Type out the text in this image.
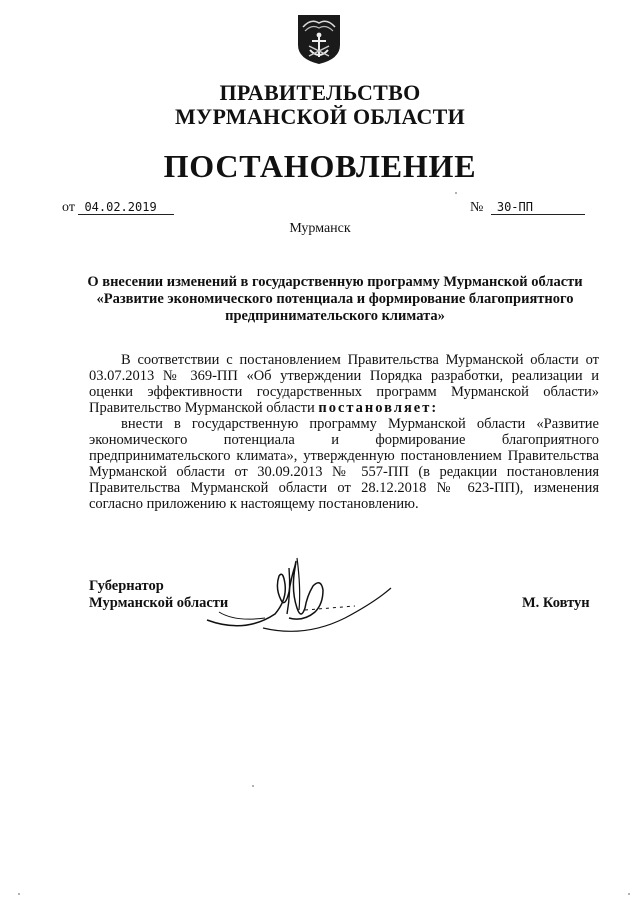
ПРАВИТЕЛЬСТВО
МУРМАНСКОЙ ОБЛАСТИ
ПОСТАНОВЛЕНИЕ
от 04.02.2019	№ 30-ПП
Мурманск
О внесении изменений в государственную программу Мурманской области
«Развитие экономического потенциала и формирование благоприятного
предпринимательского климата»

В соответствии с постановлением Правительства Мурманской области от 03.07.2013 № 369-ПП «Об утверждении Порядка разработки, реализации и оценки эффективности государственных программ Мурманской области» Правительство Мурманской области постановляет:

внести в государственную программу Мурманской области «Развитие экономического потенциала и формирование благоприятного предпринимательского климата», утвержденную постановлением Правительства Мурманской области от 30.09.2013 № 557-ПП (в редакции постановления Правительства Мурманской области от 28.12.2018 № 623-ПП), изменения согласно приложению к настоящему постановлению.

Губернатор
Мурманской области	М. Ковтун
